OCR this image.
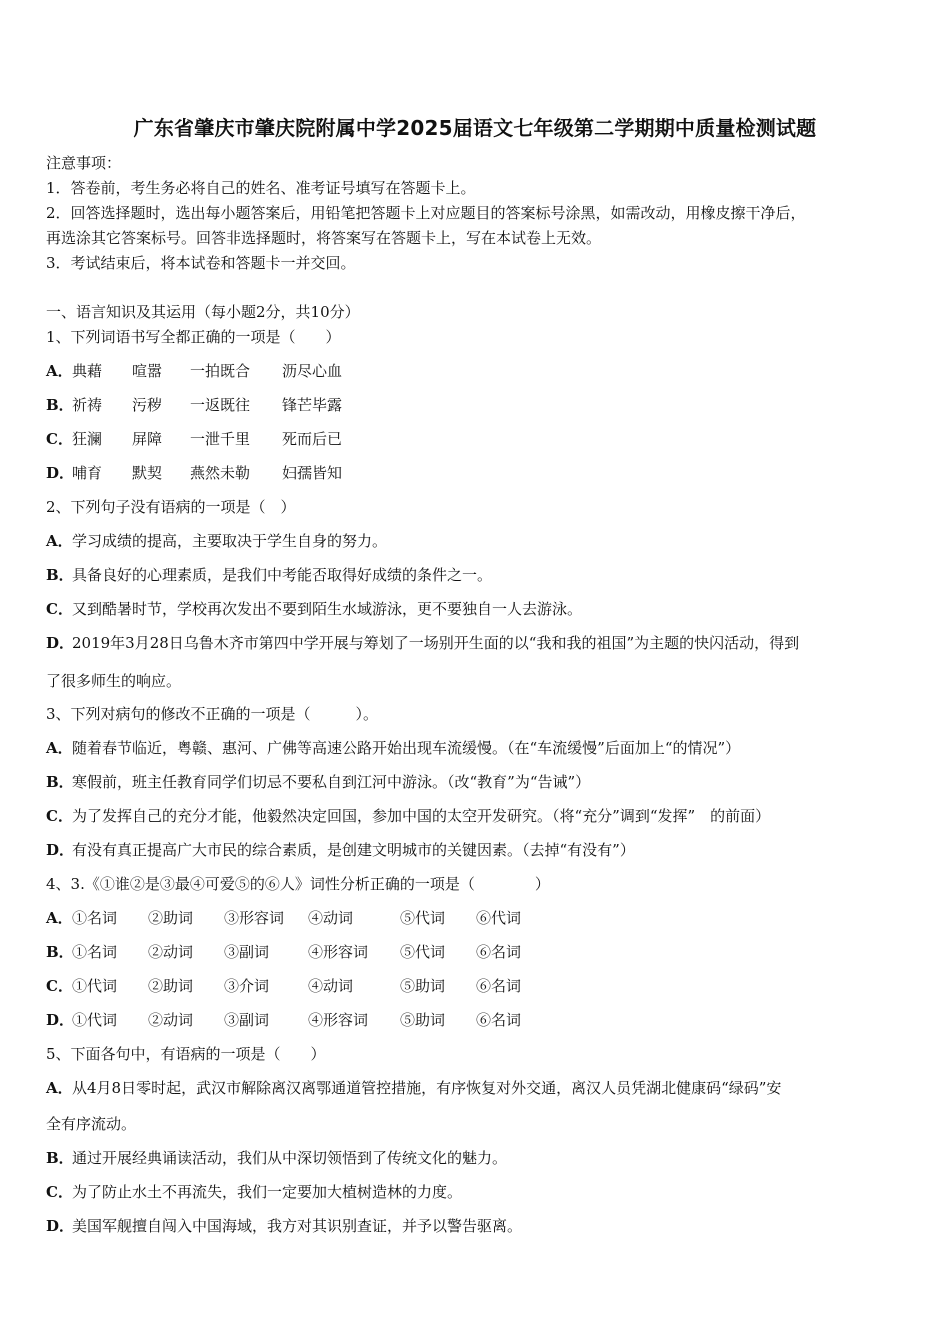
广东省肇庆市肇庆院附属中学2025届语文七年级第二学期期中质量检测试题
注意事项：
1．答卷前，考生务必将自己的姓名、准考证号填写在答题卡上。
2．回答选择题时，选出每小题答案后，用铅笔把答题卡上对应题目的答案标号涂黑，如需改动，用橡皮擦干净后，
再选涂其它答案标号。回答非选择题时，将答案写在答题卡上，写在本试卷上无效。
3．考试结束后，将本试卷和答题卡一并交回。
一、语言知识及其运用（每小题2分，共10分）
1、下列词语书写全都正确的一项是（　　）
A．典藉 喧嚣 一拍既合 沥尽心血
B．祈祷 污秽 一返既往 锋芒毕露
C．狂澜 屏障 一泄千里 死而后已
D．哺育 默契 燕然未勒 妇孺皆知
2、下列句子没有语病的一项是（　）
A．学习成绩的提高，主要取决于学生自身的努力。
B．具备良好的心理素质，是我们中考能否取得好成绩的条件之一。
C．又到酷暑时节，学校再次发出不要到陌生水域游泳，更不要独自一人去游泳。
D．2019年3月28日乌鲁木齐市第四中学开展与筹划了一场别开生面的以“我和我的祖国”为主题的快闪活动，得到
了很多师生的响应。
3、下列对病句的修改不正确的一项是（　　　）。
A．随着春节临近，粤赣、惠河、广佛等高速公路开始出现车流缓慢。（在“车流缓慢”后面加上“的情况”）
B．寒假前，班主任教育同学们切忌不要私自到江河中游泳。（改“教育”为“告诫”）
C．为了发挥自己的充分才能，他毅然决定回国，参加中国的太空开发研究。（将“充分”调到“发挥”　的前面）
D．有没有真正提高广大市民的综合素质，是创建文明城市的关键因素。（去掉“有没有”）
4、3.《①谁②是③最④可爱⑤的⑥人》词性分析正确的一项是（　　　　）
A．①名词 ②助词 ③形容词 ④动词	⑤代词 ⑥代词
B．①名词 ②动词 ③副词	④形容词 ⑤代词 ⑥名词
C．①代词 ②助词 ③介词	④动词	⑤助词 ⑥名词
D．①代词 ②动词 ③副词	④形容词 ⑤助词 ⑥名词
5、下面各句中，有语病的一项是（　　）
A．从4月8日零时起，武汉市解除离汉离鄂通道管控措施，有序恢复对外交通，离汉人员凭湖北健康码“绿码”安
全有序流动。
B．通过开展经典诵读活动，我们从中深切领悟到了传统文化的魅力。
C．为了防止水土不再流失，我们一定要加大植树造林的力度。
D．美国军舰擅自闯入中国海域，我方对其识别查证，并予以警告驱离。
